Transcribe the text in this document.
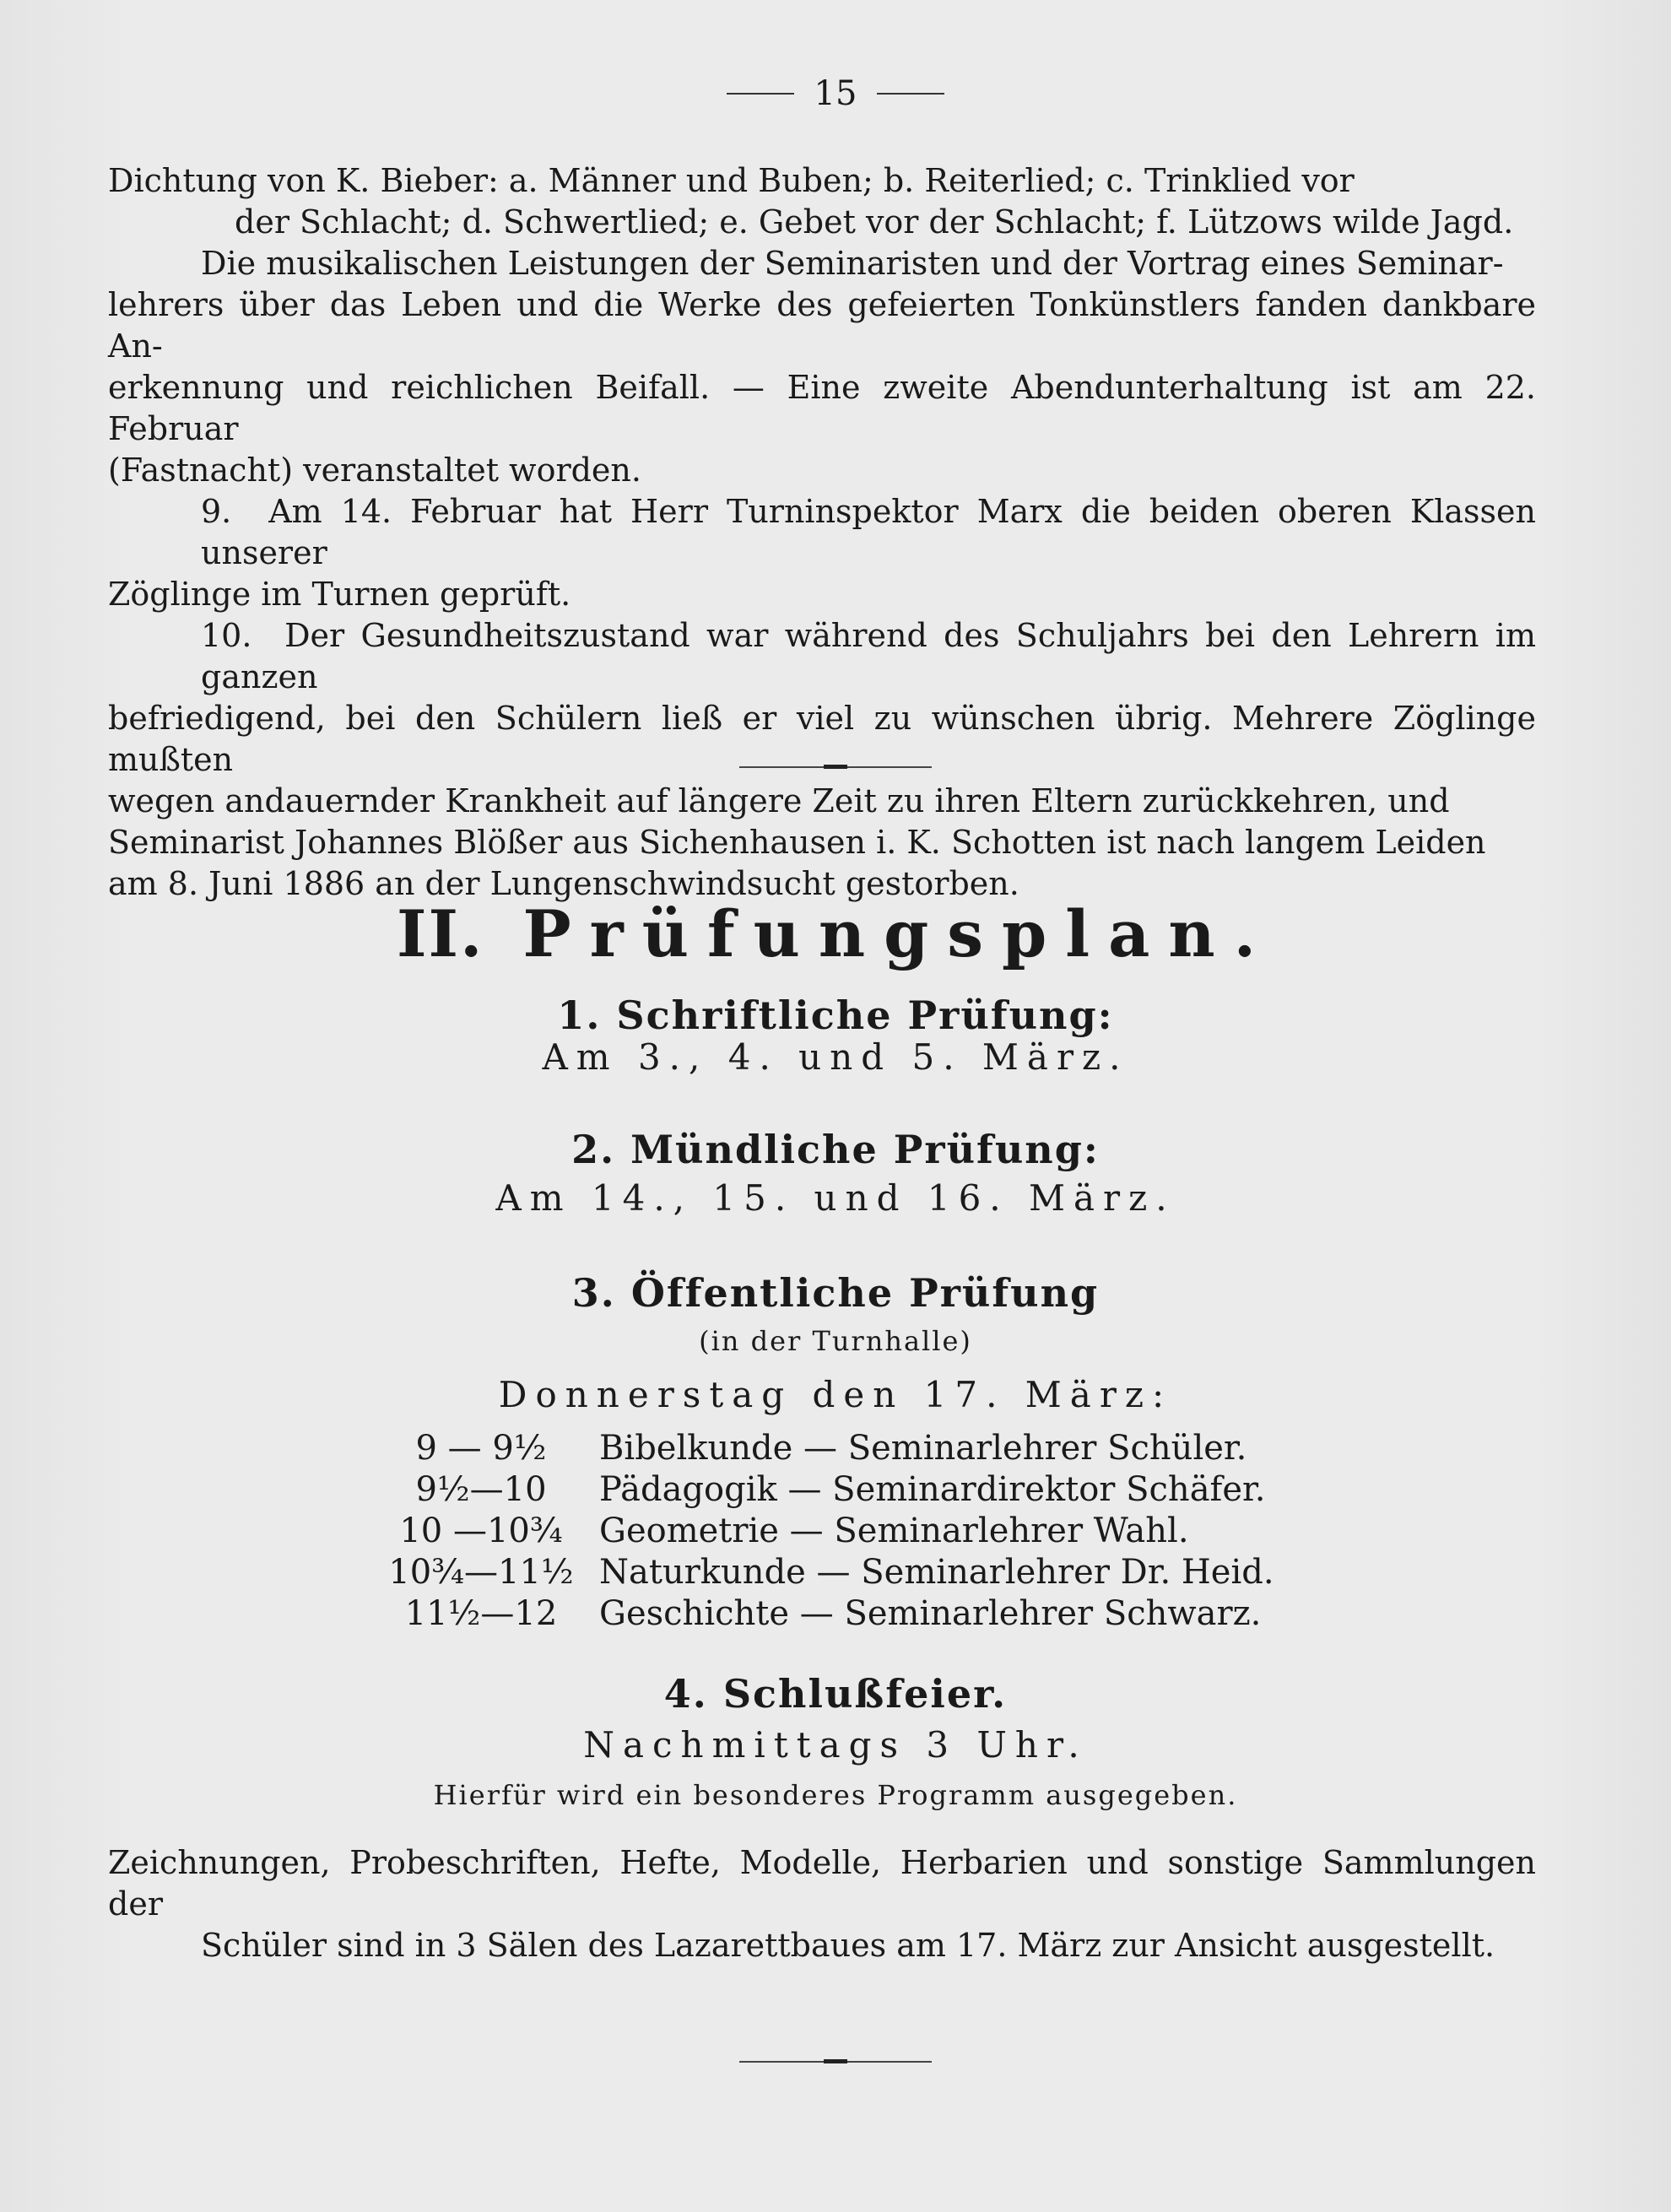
15

Dichtung von K. Bieber: a. Männer und Buben; b. Reiterlied; c. Trinklied vor
der Schlacht; d. Schwertlied; e. Gebet vor der Schlacht; f. Lützows wilde Jagd.

Die musikalischen Leistungen der Seminaristen und der Vortrag eines Seminar-
lehrers über das Leben und die Werke des gefeierten Tonkünstlers fanden dankbare An-
erkennung und reichlichen Beifall. — Eine zweite Abendunterhaltung ist am 22. Februar
(Fastnacht) veranstaltet worden.

9. Am 14. Februar hat Herr Turninspektor Marx die beiden oberen Klassen unserer
Zöglinge im Turnen geprüft.

10. Der Gesundheitszustand war während des Schuljahrs bei den Lehrern im ganzen
befriedigend, bei den Schülern ließ er viel zu wünschen übrig. Mehrere Zöglinge mußten
wegen andauernder Krankheit auf längere Zeit zu ihren Eltern zurückkehren, und
Seminarist Johannes Blößer aus Sichenhausen i. K. Schotten ist nach langem Leiden
am 8. Juni 1886 an der Lungenschwindsucht gestorben.

II. Prüfungsplan.
1. Schriftliche Prüfung:
Am 3., 4. und 5. März.
2. Mündliche Prüfung:
Am 14., 15. und 16. März.
3. Öffentliche Prüfung
(in der Turnhalle)
Donnerstag den 17. März:
9 — 9½	Bibelkunde — Seminarlehrer Schüler.
9½—10	Pädagogik — Seminardirektor Schäfer.
10 —10¾	Geometrie — Seminarlehrer Wahl.
10¾—11½ Naturkunde — Seminarlehrer Dr. Heid.
11½—12	Geschichte — Seminarlehrer Schwarz.
4. Schlußfeier.
Nachmittags 3 Uhr.
Hierfür wird ein besonderes Programm ausgegeben.
Zeichnungen, Probeschriften, Hefte, Modelle, Herbarien und sonstige Sammlungen der
Schüler sind in 3 Sälen des Lazarettbaues am 17. März zur Ansicht ausgestellt.
